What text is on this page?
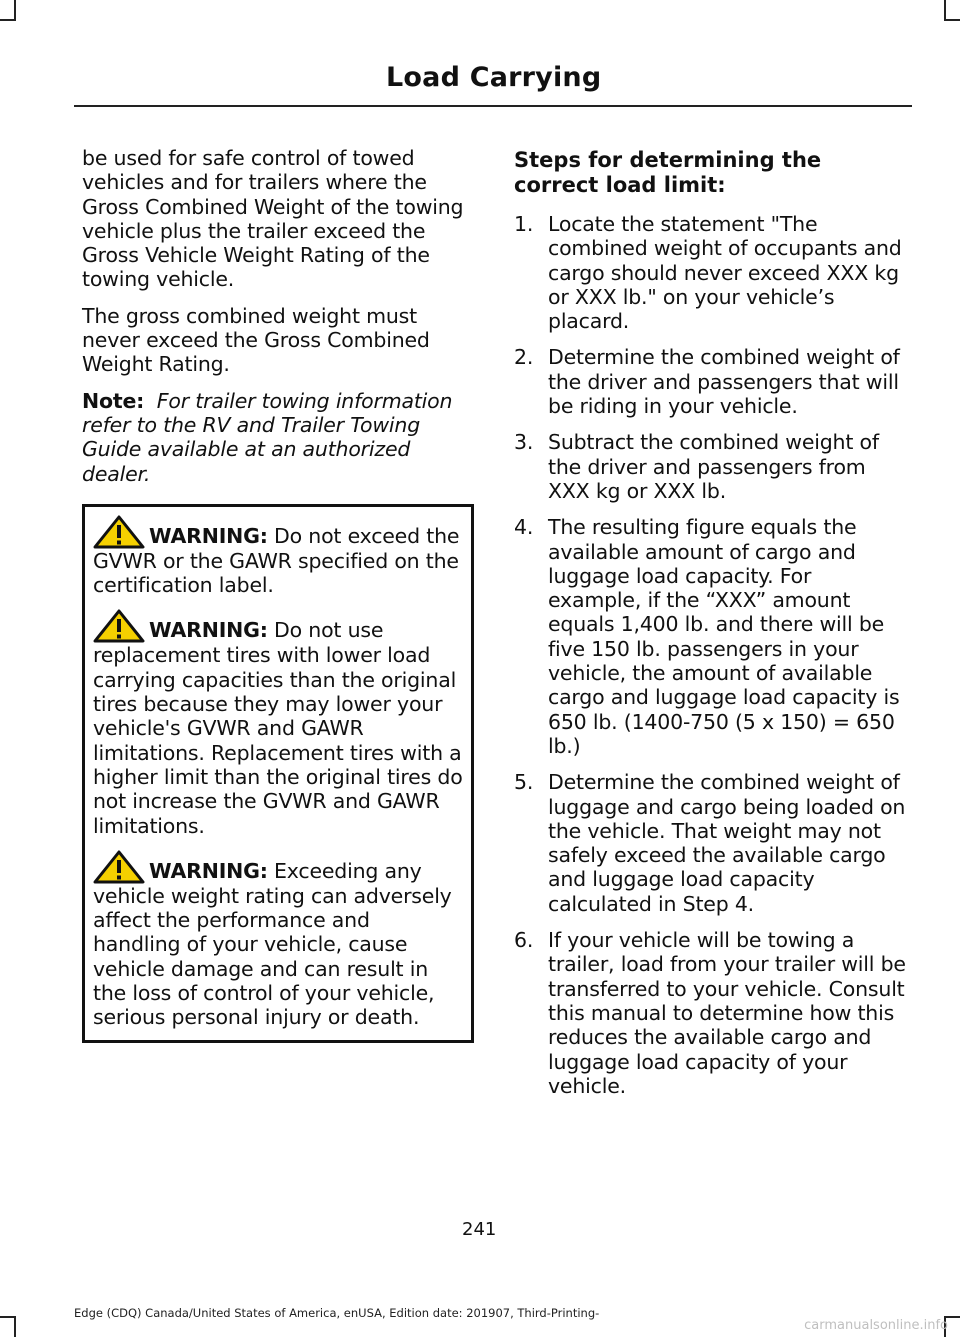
Load Carrying

be used for safe control of towed vehicles and for trailers where the Gross Combined Weight of the towing vehicle plus the trailer exceed the Gross Vehicle Weight Rating of the towing vehicle.

The gross combined weight must never exceed the Gross Combined Weight Rating.

Note: For trailer towing information refer to the RV and Trailer Towing Guide available at an authorized dealer.

WARNING: Do not exceed the GVWR or the GAWR specified on the certification label.

WARNING: Do not use replacement tires with lower load carrying capacities than the original tires because they may lower your vehicle's GVWR and GAWR limitations. Replacement tires with a higher limit than the original tires do not increase the GVWR and GAWR limitations.

WARNING: Exceeding any vehicle weight rating can adversely affect the performance and handling of your vehicle, cause vehicle damage and can result in the loss of control of your vehicle, serious personal injury or death.

Steps for determining the correct load limit:
1. Locate the statement "The combined weight of occupants and cargo should never exceed XXX kg or XXX lb." on your vehicle’s placard.
2. Determine the combined weight of the driver and passengers that will be riding in your vehicle.
3. Subtract the combined weight of the driver and passengers from XXX kg or XXX lb.
4. The resulting figure equals the available amount of cargo and luggage load capacity. For example, if the “XXX” amount equals 1,400 lb. and there will be five 150 lb. passengers in your vehicle, the amount of available cargo and luggage load capacity is 650 lb. (1400-750 (5 x 150) = 650 lb.)
5. Determine the combined weight of luggage and cargo being loaded on the vehicle. That weight may not safely exceed the available cargo and luggage load capacity calculated in Step 4.
6. If your vehicle will be towing a trailer, load from your trailer will be transferred to your vehicle. Consult this manual to determine how this reduces the available cargo and luggage load capacity of your vehicle.
241
Edge (CDQ) Canada/United States of America, enUSA, Edition date: 201907, Third-Printing-
carmanualsonline.info
